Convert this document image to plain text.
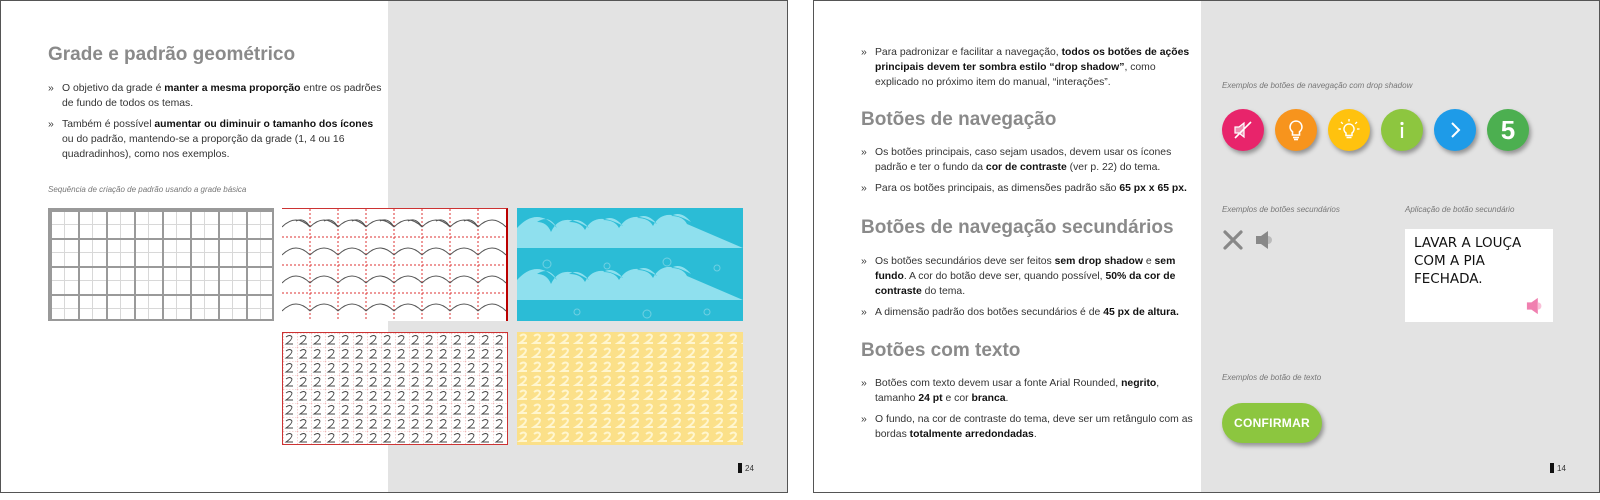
Grade e padrão geométrico
» O objetivo da grade é manter a mesma proporção entre os padrões de fundo de todos os temas.
» Também é possível aumentar ou diminuir o tamanho dos ícones ou do padrão, mantendo-se a proporção da grade (1, 4 ou 16 quadradinhos), como nos exemplos.
Sequência de criação de padrão usando a grade básica
24
» Para padronizar e facilitar a navegação, todos os botões de ações principais devem ter sombra estilo “drop shadow”, como explicado no próximo item do manual, “interações”.
Botões de navegação
» Os botões principais, caso sejam usados, devem usar os ícones padrão e ter o fundo da cor de contraste (ver p. 22) do tema.
» Para os botões principais, as dimensões padrão são 65 px x 65 px.
Botões de navegação secundários
» Os botões secundários deve ser feitos sem drop shadow e sem fundo. A cor do botão deve ser, quando possível, 50% da cor de contraste do tema.
» A dimensão padrão dos botões secundários é de 45 px de altura.
Botões com texto
» Botões com texto devem usar a fonte Arial Rounded, negrito, tamanho 24 pt e cor branca.
» O fundo, na cor de contraste do tema, deve ser um retângulo com as bordas totalmente arredondadas.
Exemplos de botões de navegação com drop shadow
5
Exemplos de botões secundários	Aplicação de botão secundário
LAVAR A LOUÇA COM A PIA FECHADA.
Exemplos de botão de texto
CONFIRMAR
14
